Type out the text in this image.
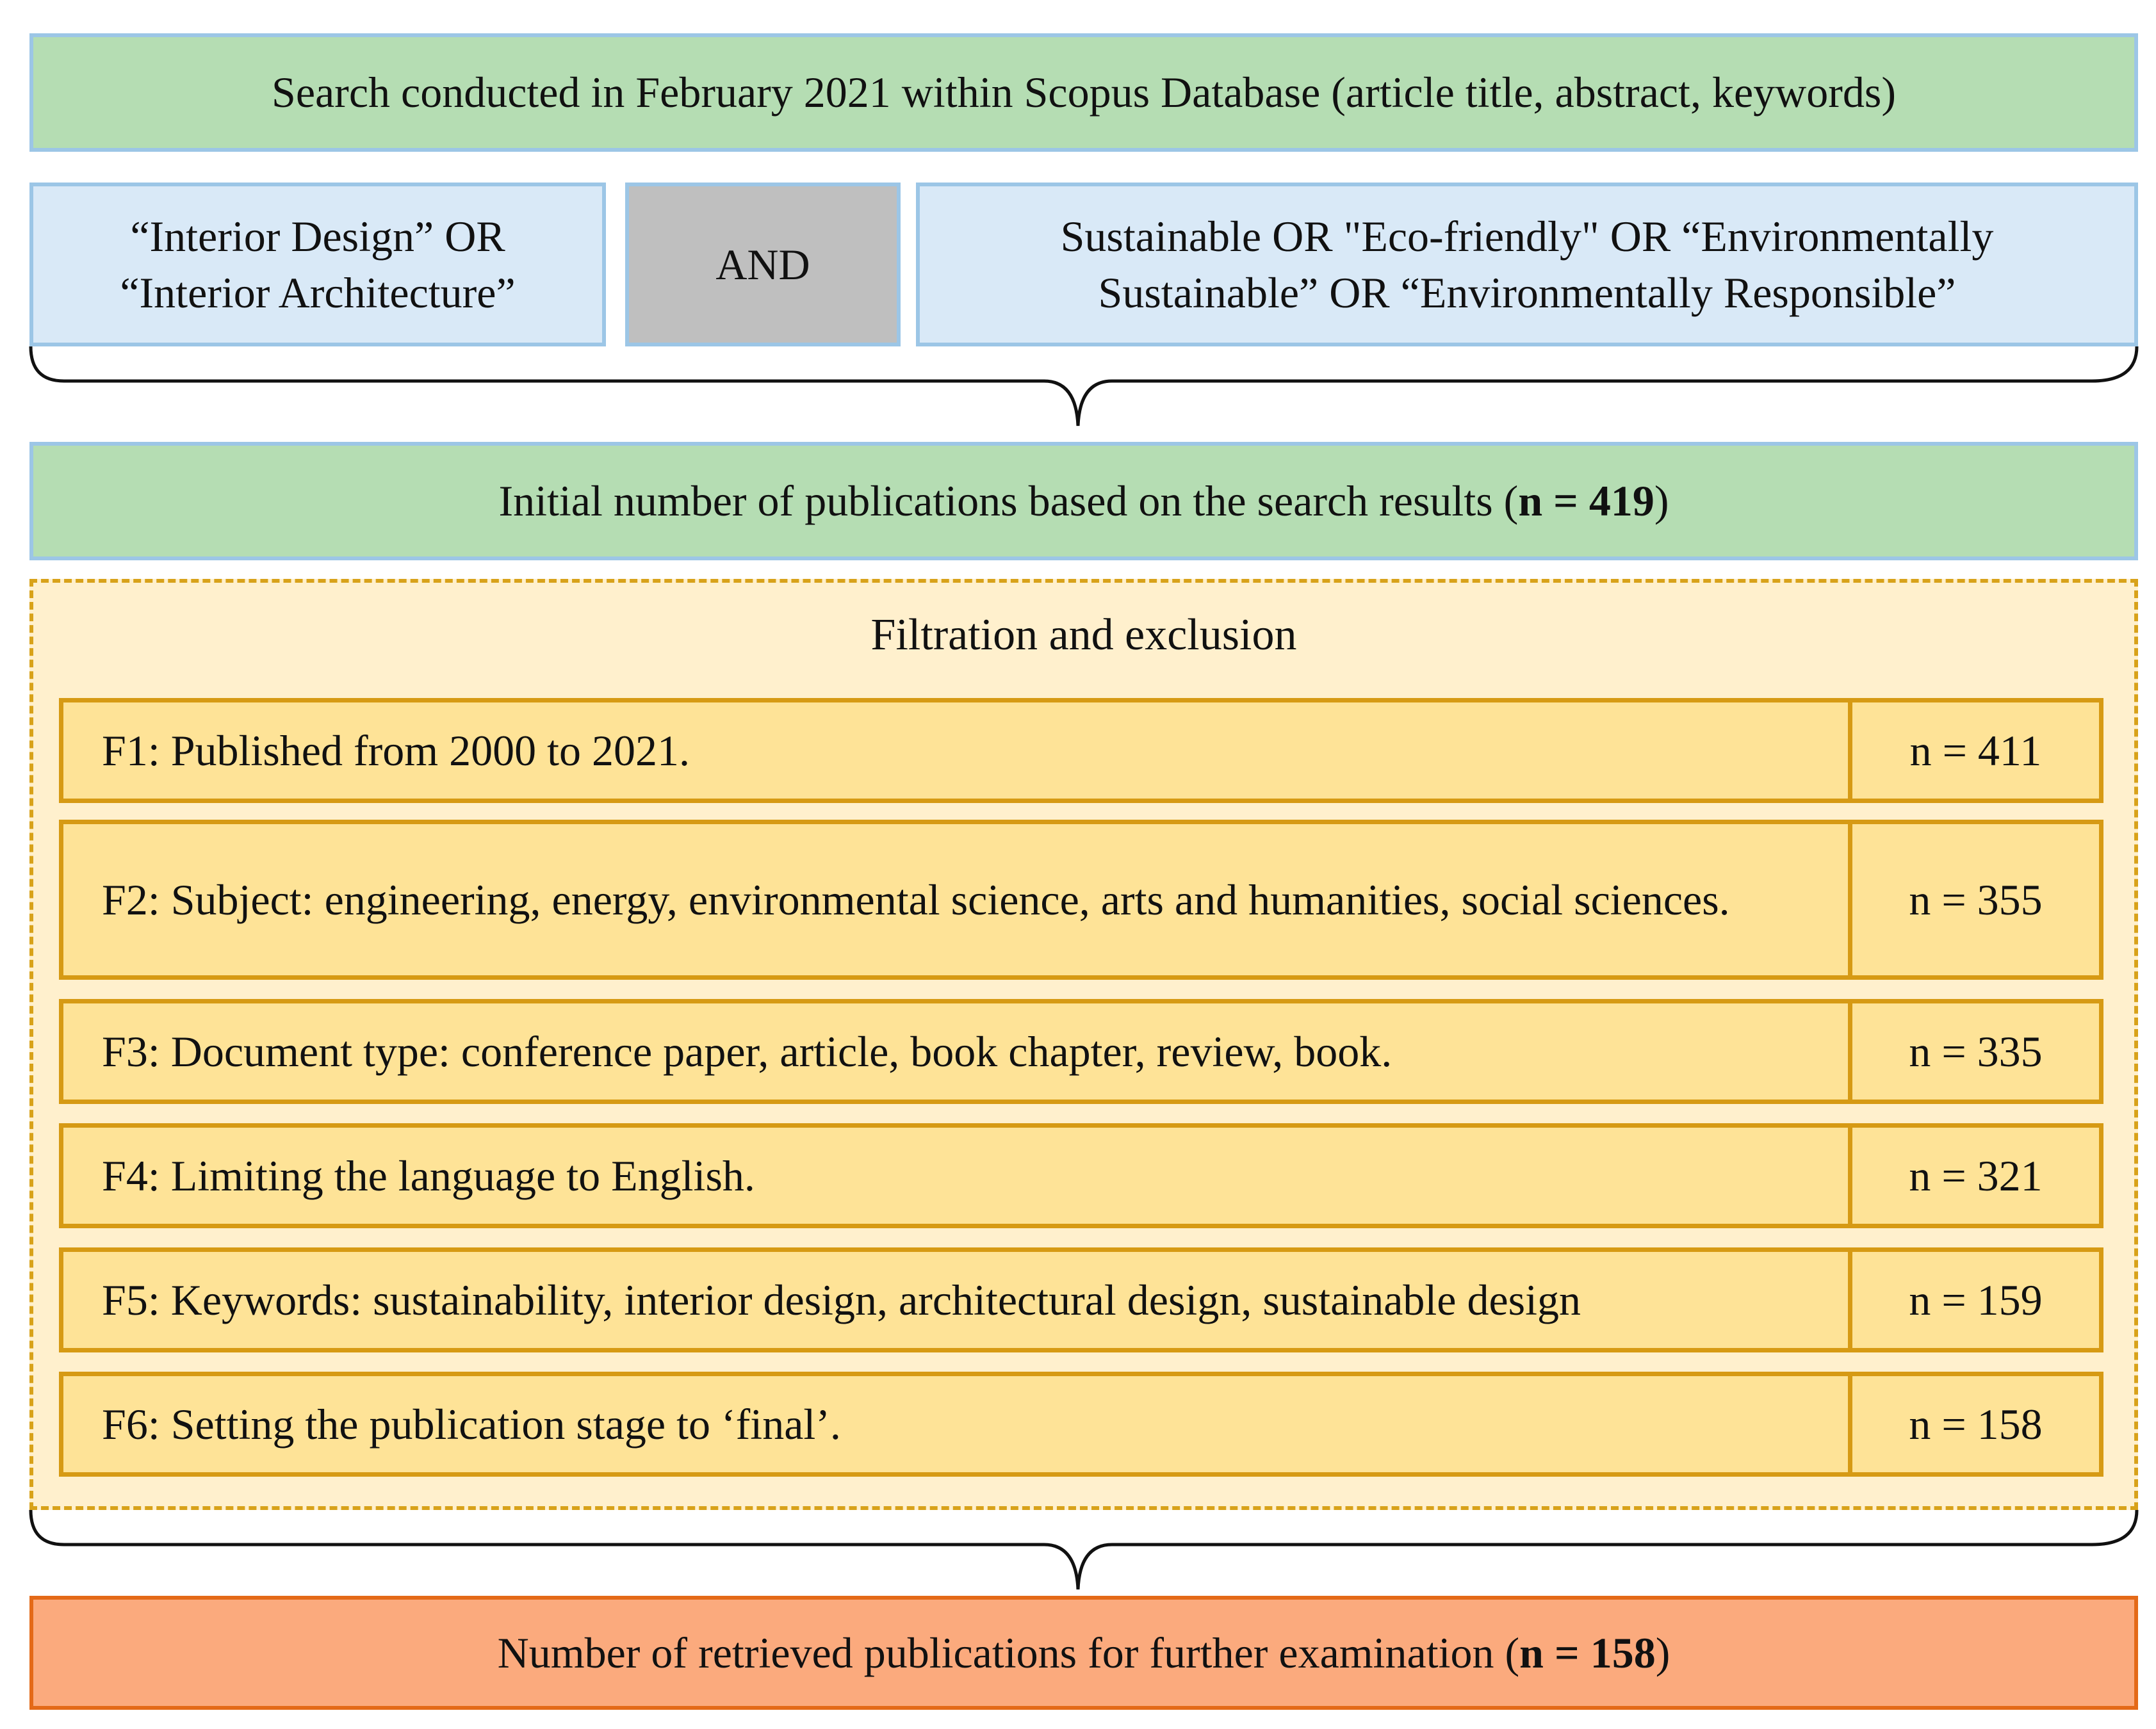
Search conducted in February 2021 within Scopus Database (article title, abstract, keywords)
“Interior Design” OR “Interior Architecture”
AND
Sustainable OR "Eco-friendly" OR “Environmentally Sustainable” OR “Environmentally Responsible”
Initial number of publications based on the search results (n = 419)
Filtration and exclusion
F1: Published from 2000 to 2021.	n = 411
F2: Subject: engineering, energy, environmental science, arts and humanities, social sciences.	n = 355
F3: Document type: conference paper, article, book chapter, review, book.	n = 335
F4: Limiting the language to English.	n = 321
F5: Keywords: sustainability, interior design, architectural design, sustainable design	n = 159
F6: Setting the publication stage to ‘final’.	n = 158
Number of retrieved publications for further examination (n = 158)
